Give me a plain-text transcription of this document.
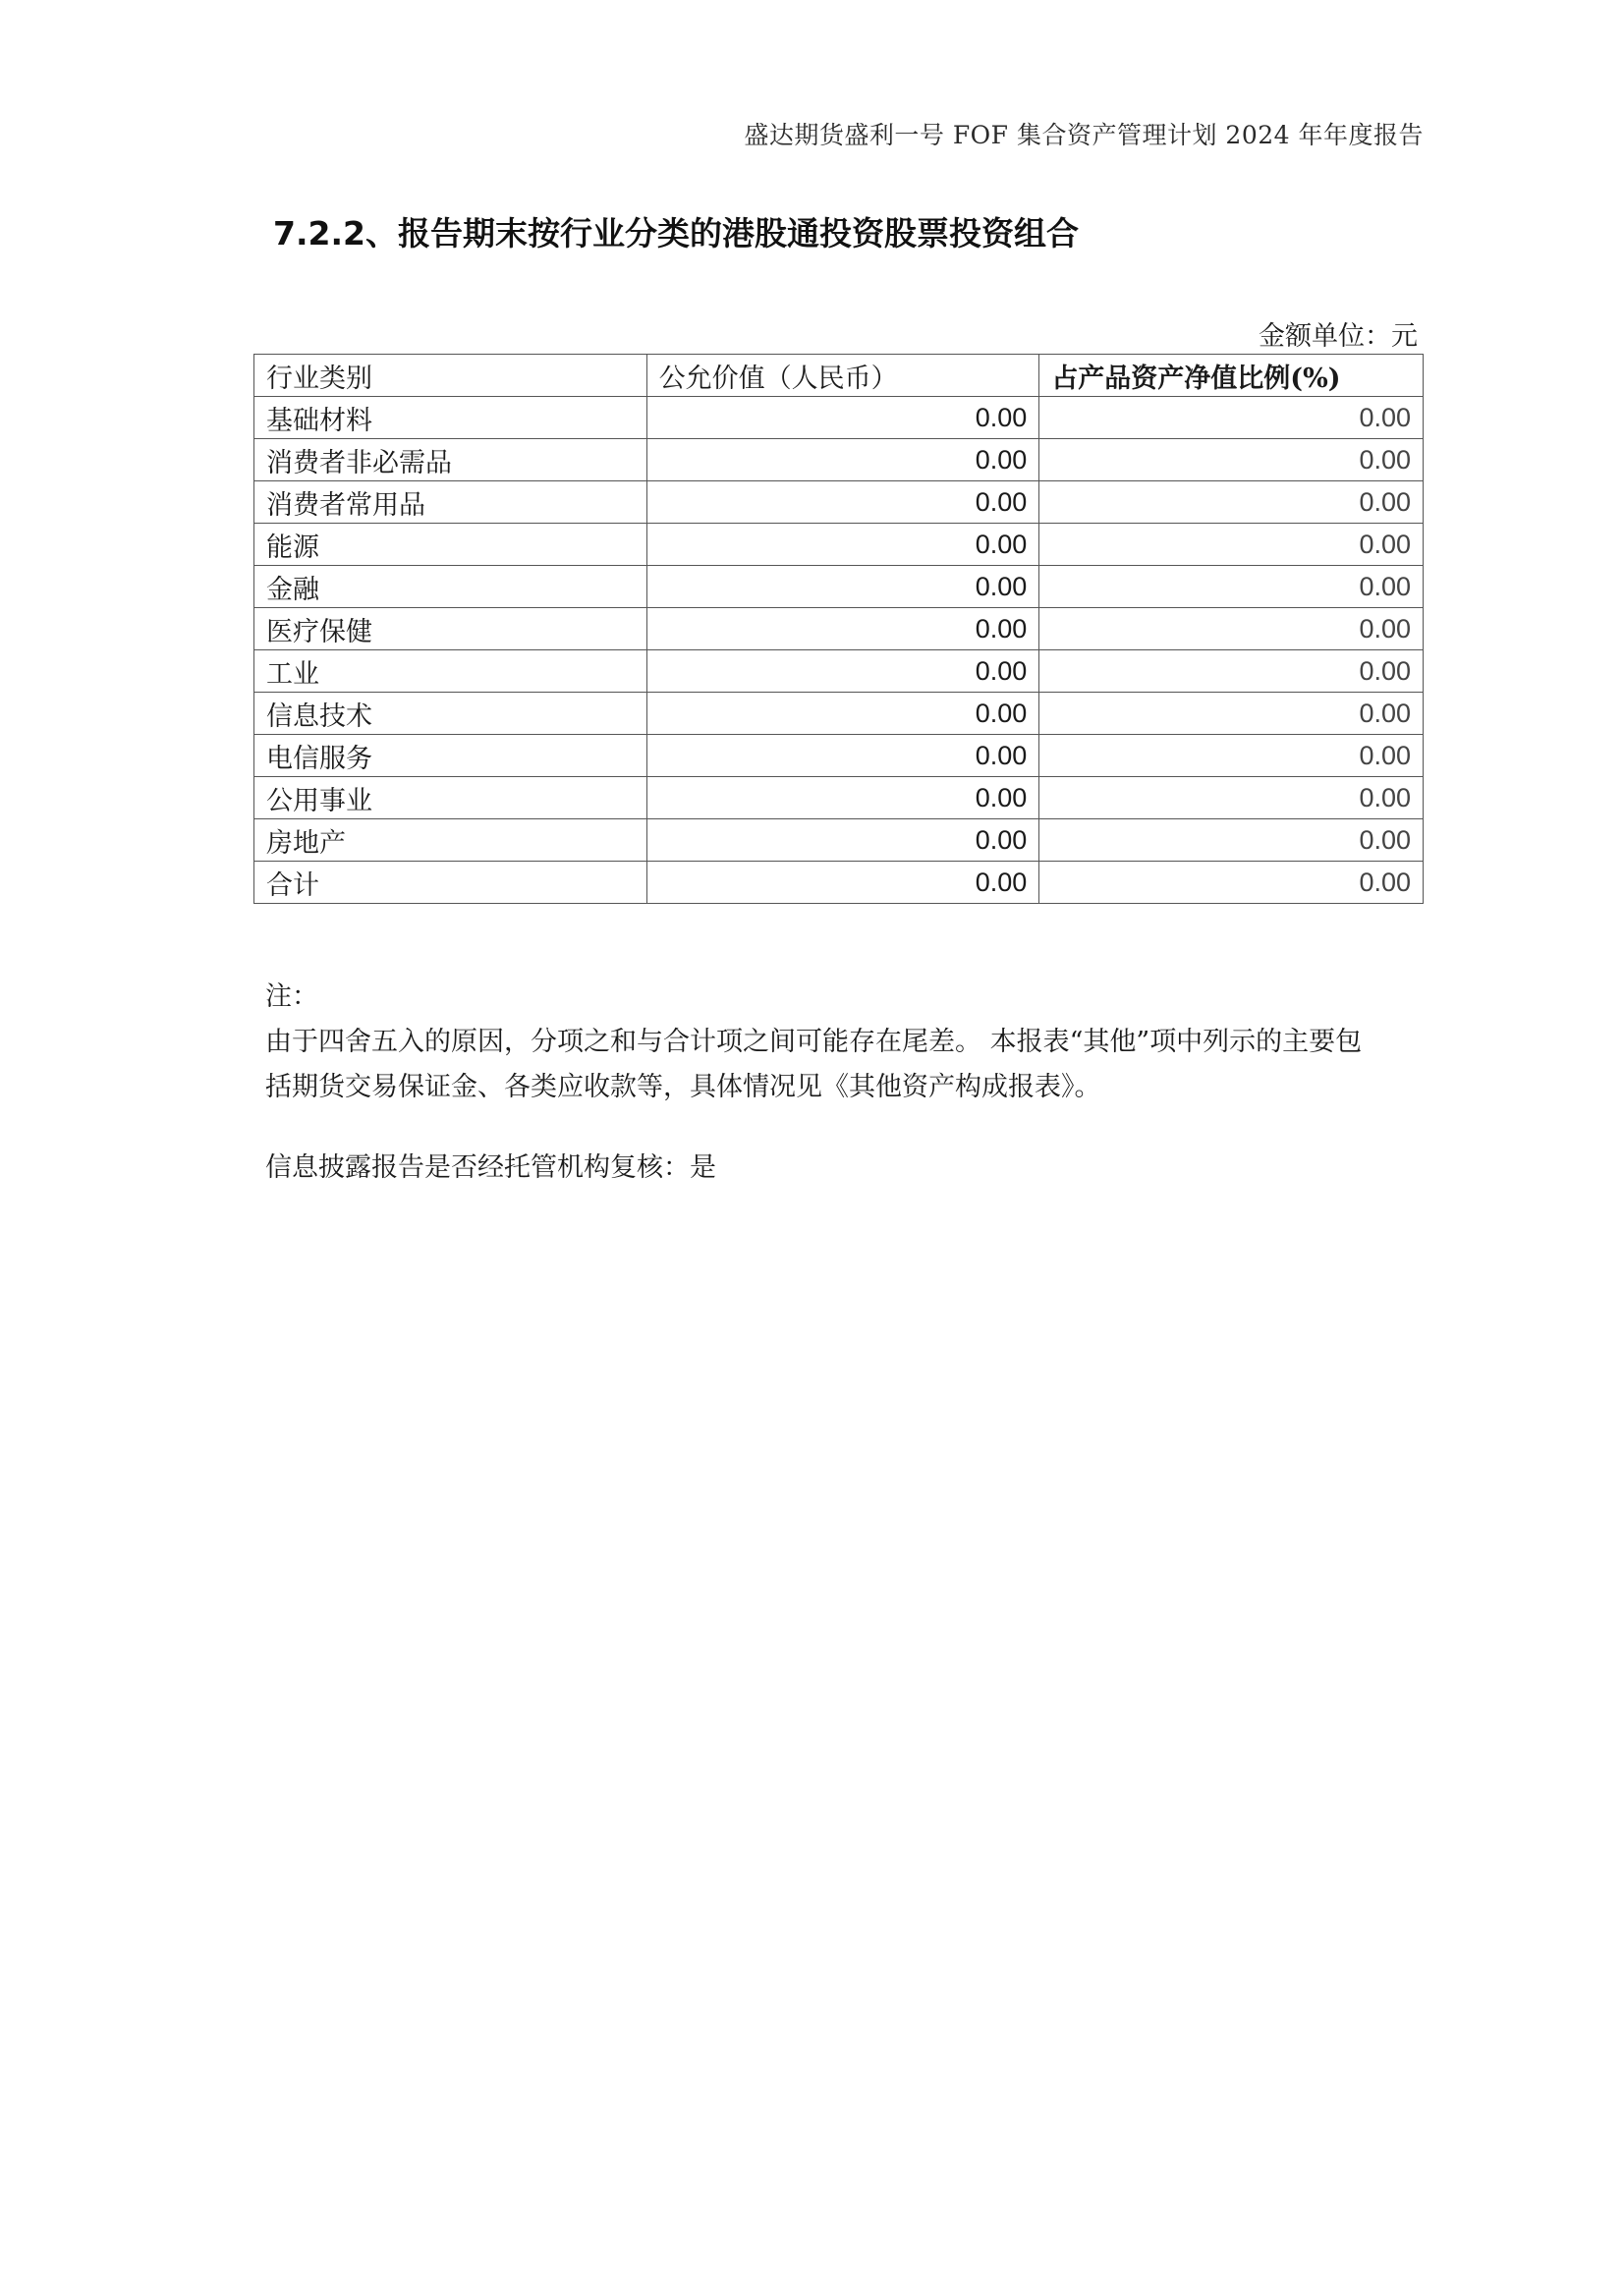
盛达期货盛利一号 FOF 集合资产管理计划 2024 年年度报告
7.2.2、报告期末按行业分类的港股通投资股票投资组合
金额单位：元
行业类别	公允价值（人民币）	占产品资产净值比例(%)
基础材料	0.00	0.00
消费者非必需品	0.00	0.00
消费者常用品	0.00	0.00
能源	0.00	0.00
金融	0.00	0.00
医疗保健	0.00	0.00
工业	0.00	0.00
信息技术	0.00	0.00
电信服务	0.00	0.00
公用事业	0.00	0.00
房地产	0.00	0.00
合计	0.00	0.00

注：

由于四舍五入的原因，分项之和与合计项之间可能存在尾差。 本报表“其他”项中列示的主要包

括期货交易保证金、各类应收款等，具体情况见《其他资产构成报表》。

信息披露报告是否经托管机构复核：是
